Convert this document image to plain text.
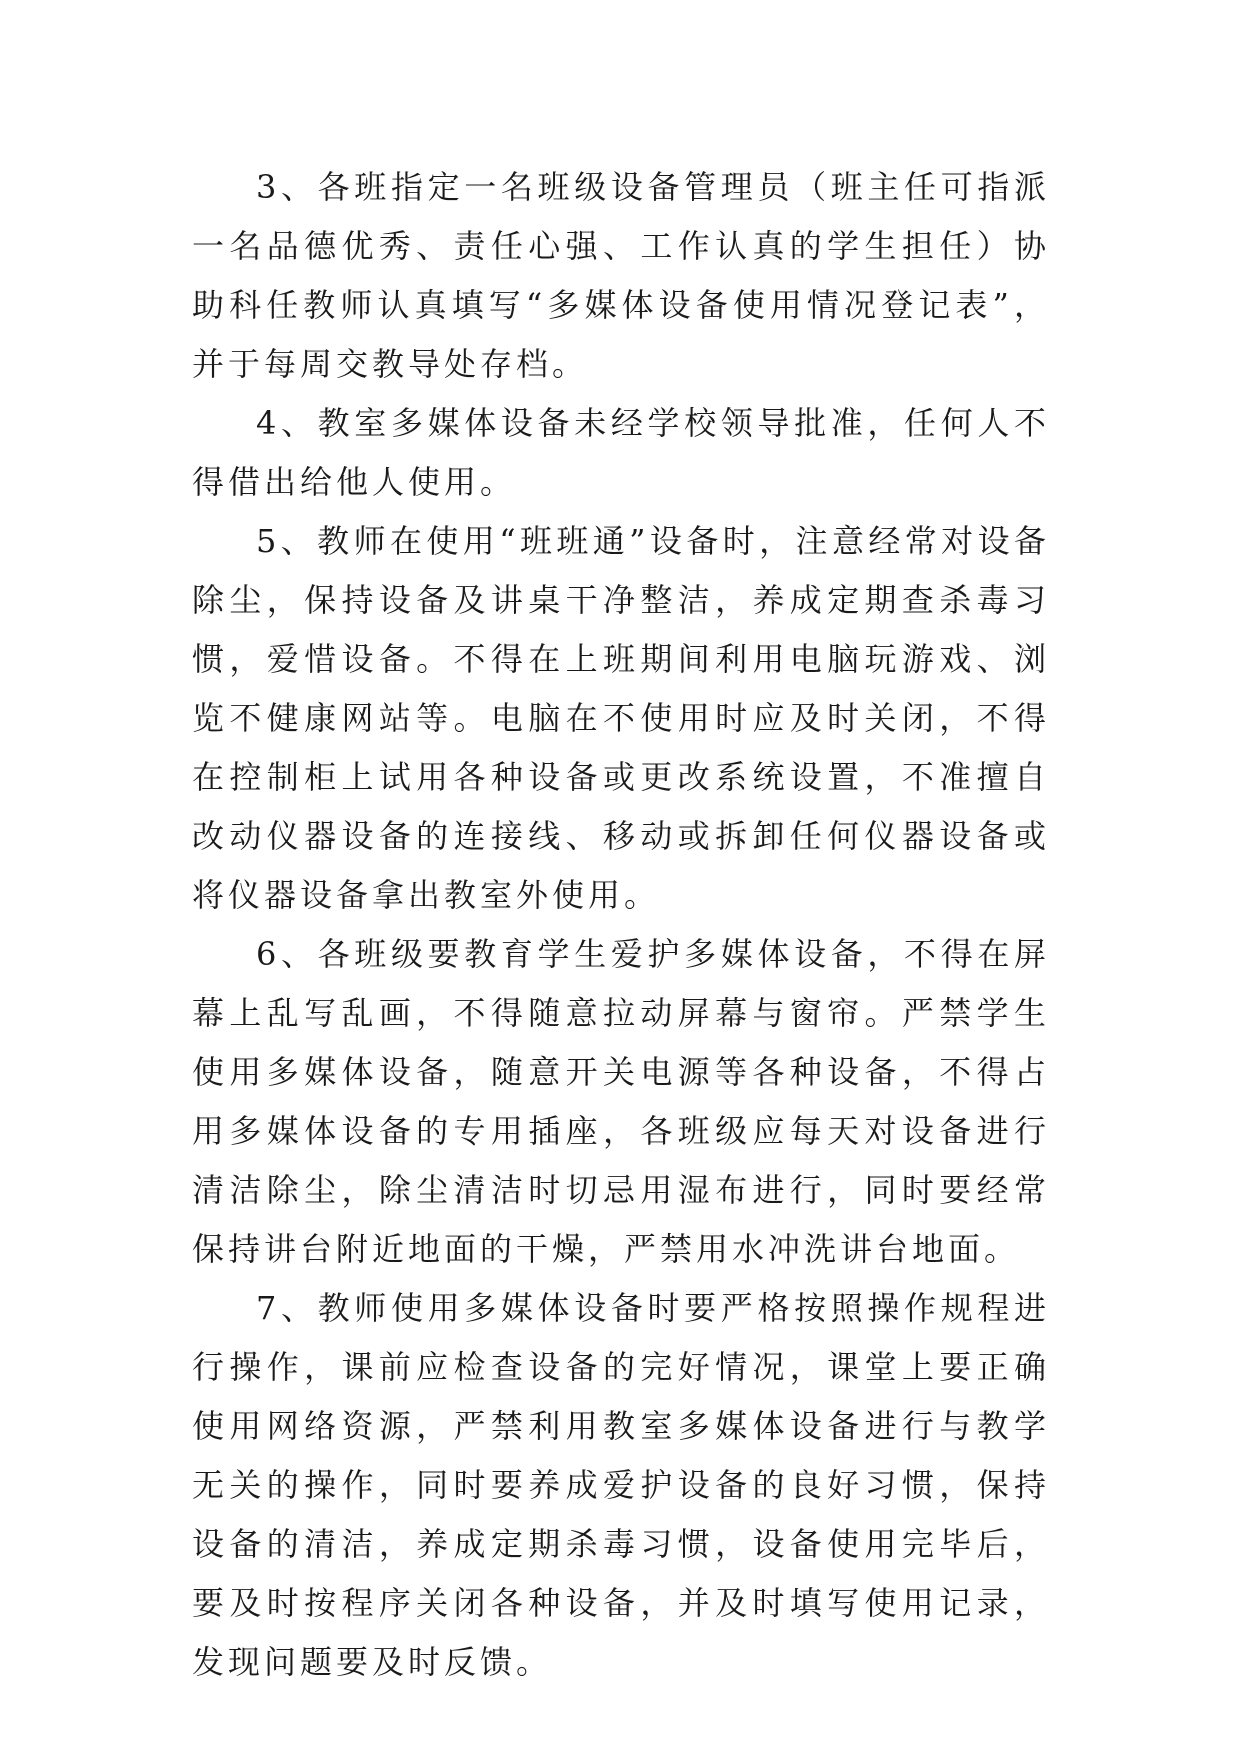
3、各班指定一名班级设备管理员（班主任可指派一名品德优秀、责任心强、工作认真的学生担任）协助科任教师认真填写“多媒体设备使用情况登记表”，并于每周交教导处存档。

4、教室多媒体设备未经学校领导批准，任何人不得借出给他人使用。

5、教师在使用“班班通”设备时，注意经常对设备除尘，保持设备及讲桌干净整洁，养成定期查杀毒习惯，爱惜设备。不得在上班期间利用电脑玩游戏、浏览不健康网站等。电脑在不使用时应及时关闭，不得在控制柜上试用各种设备或更改系统设置，不准擅自改动仪器设备的连接线、移动或拆卸任何仪器设备或将仪器设备拿出教室外使用。

6、各班级要教育学生爱护多媒体设备，不得在屏幕上乱写乱画，不得随意拉动屏幕与窗帘。严禁学生使用多媒体设备，随意开关电源等各种设备，不得占用多媒体设备的专用插座，各班级应每天对设备进行清洁除尘，除尘清洁时切忌用湿布进行，同时要经常保持讲台附近地面的干燥，严禁用水冲洗讲台地面。

7、教师使用多媒体设备时要严格按照操作规程进行操作，课前应检查设备的完好情况，课堂上要正确使用网络资源，严禁利用教室多媒体设备进行与教学无关的操作，同时要养成爱护设备的良好习惯，保持设备的清洁，养成定期杀毒习惯，设备使用完毕后，要及时按程序关闭各种设备，并及时填写使用记录，发现问题要及时反馈。
